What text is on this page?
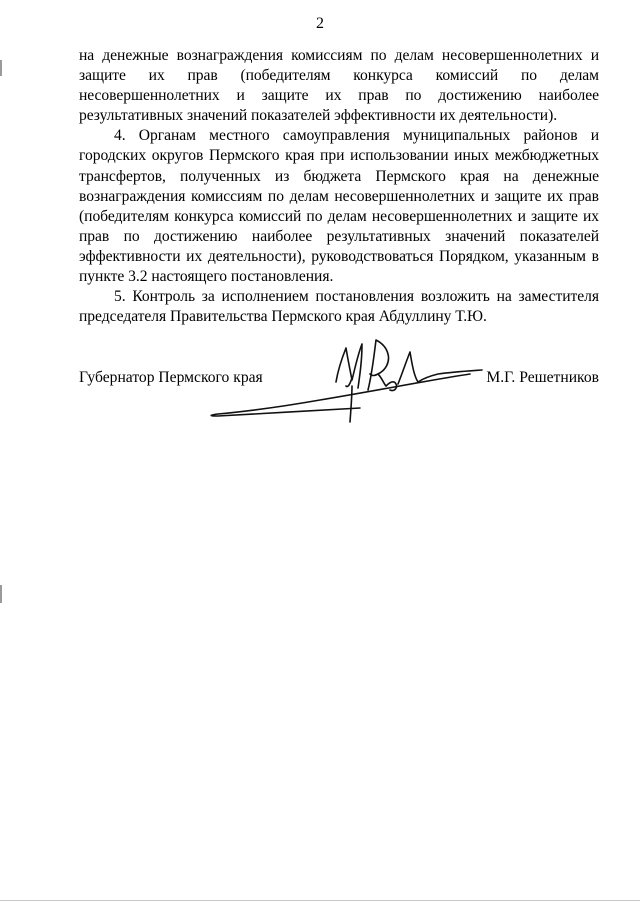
2

на денежные вознаграждения комиссиям по делам несовершеннолетних и защите их прав (победителям конкурса комиссий по делам несовершеннолетних и защите их прав по достижению наиболее результативных значений показателей эффективности их деятельности).

4. Органам местного самоуправления муниципальных районов и городских округов Пермского края при использовании иных межбюджетных трансфертов, полученных из бюджета Пермского края на денежные вознаграждения комиссиям по делам несовершеннолетних и защите их прав (победителям конкурса комиссий по делам несовершеннолетних и защите их прав по достижению наиболее результативных значений показателей эффективности их деятельности), руководствоваться Порядком, указанным в пункте 3.2 настоящего постановления.

5. Контроль за исполнением постановления возложить на заместителя председателя Правительства Пермского края Абдуллину Т.Ю.

Губернатор Пермского края	М.Г. Решетников
